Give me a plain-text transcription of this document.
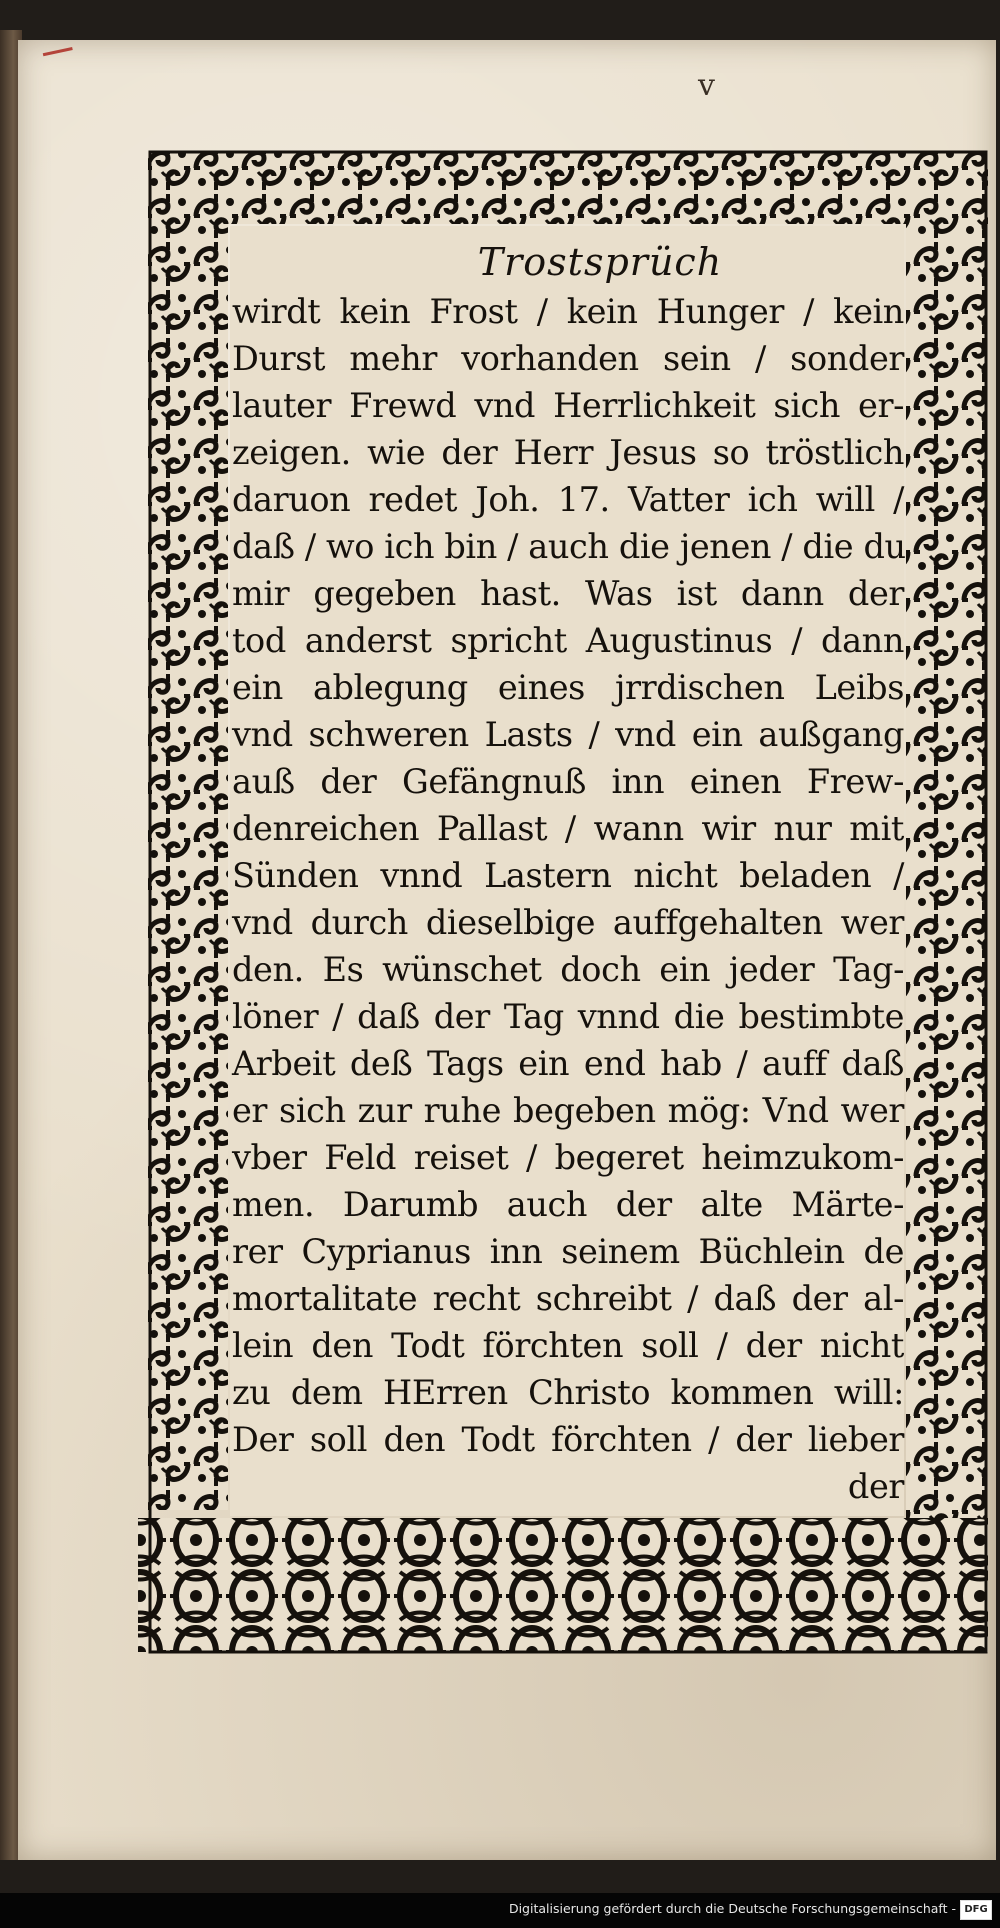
v
Trostsprüch
wirdt kein Frost / kein Hunger / kein
Durst mehr vorhanden sein / sonder
lauter Frewd vnd Herrlichkeit sich er-
zeigen. wie der Herr Jesus so tröstlich
daruon redet Joh. 17. Vatter ich will /
daß / wo ich bin / auch die jenen / die du
mir gegeben hast. Was ist dann der
tod anderst spricht Augustinus / dann
ein ablegung eines jrrdischen Leibs
vnd schweren Lasts / vnd ein außgang
auß der Gefängnuß inn einen Frew-
denreichen Pallast / wann wir nur mit
Sünden vnnd Lastern nicht beladen /
vnd durch dieselbige auffgehalten wer
den. Es wünschet doch ein jeder Tag-
löner / daß der Tag vnnd die bestimbte
Arbeit deß Tags ein end hab / auff daß
er sich zur ruhe begeben mög: Vnd wer
vber Feld reiset / begeret heimzukom-
men. Darumb auch der alte Märte-
rer Cyprianus inn seinem Büchlein de
mortalitate recht schreibt / daß der al-
lein den Todt förchten soll / der nicht
zu dem HErren Christo kommen will:
Der soll den Todt förchten / der lieber
der
Digitalisierung gefördert durch die Deutsche Forschungsgemeinschaft - DFG
